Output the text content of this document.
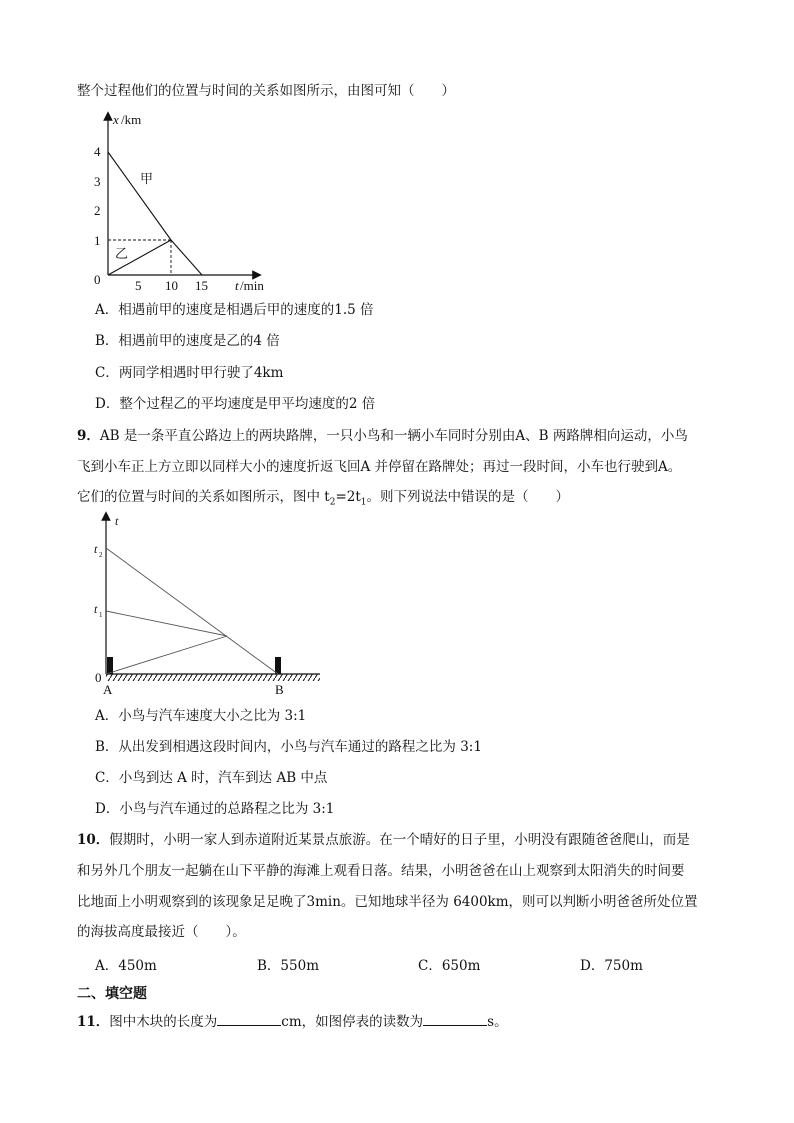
整个过程他们的位置与时间的关系如图所示，由图可知（　　）
x /km
t /min
4
3
2
1
5 10 15
0
甲
乙
A．相遇前甲的速度是相遇后甲的速度的1.5 倍
B．相遇前甲的速度是乙的4 倍
C．两同学相遇时甲行驶了4km
D．整个过程乙的平均速度是甲平均速度的2 倍
9．AB 是一条平直公路边上的两块路牌，一只小鸟和一辆小车同时分别由A、B 两路牌相向运动，小鸟
飞到小车正上方立即以同样大小的速度折返飞回A 并停留在路牌处；再过一段时间，小车也行驶到A。
它们的位置与时间的关系如图所示，图中 $t_2=2t_1$。则下列说法中错误的是（　　）
t
t 2
t 1
0
A	B
A．小鸟与汽车速度大小之比为 3:1
B．从出发到相遇这段时间内，小鸟与汽车通过的路程之比为 3:1
C．小鸟到达 A 时，汽车到达 AB 中点
D．小鸟与汽车通过的总路程之比为 3:1
10．假期时，小明一家人到赤道附近某景点旅游。在一个晴好的日子里，小明没有跟随爸爸爬山，而是
和另外几个朋友一起躺在山下平静的海滩上观看日落。结果，小明爸爸在山上观察到太阳消失的时间要
比地面上小明观察到的该现象足足晚了3min。已知地球半径为 6400km，则可以判断小明爸爸所处位置
的海拔高度最接近（　　）。
A．450m	B．550m	C．650m	D．750m
二、填空题
11．图中木块的长度为	cm，如图停表的读数为	s。
